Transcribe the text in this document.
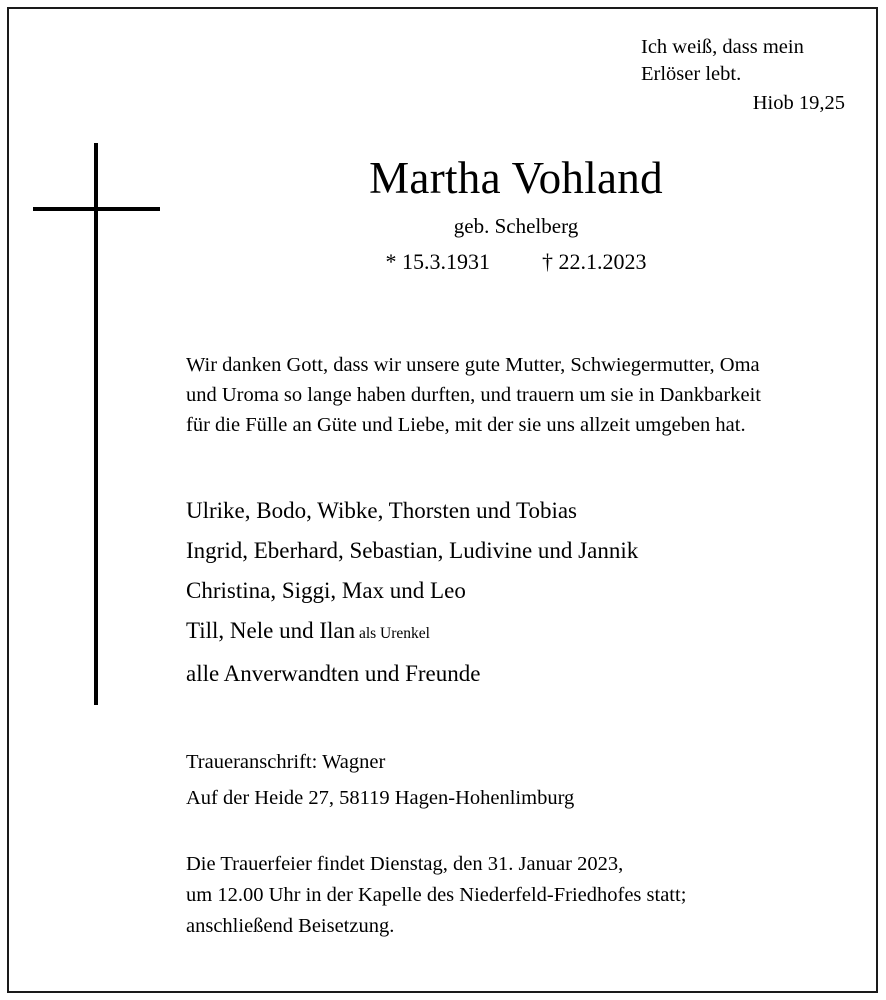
Ich weiß, dass mein
Erlöser lebt.
Hiob 19,25
Martha Vohland
geb. Schelberg
* 15.3.1931 † 22.1.2023
Wir danken Gott, dass wir unsere gute Mutter, Schwiegermutter, Oma
und Uroma so lange haben durften, und trauern um sie in Dankbarkeit
für die Fülle an Güte und Liebe, mit der sie uns allzeit umgeben hat.
Ulrike, Bodo, Wibke, Thorsten und Tobias
Ingrid, Eberhard, Sebastian, Ludivine und Jannik
Christina, Siggi, Max und Leo
Till, Nele und Ilan als Urenkel
alle Anverwandten und Freunde
Traueranschrift: Wagner
Auf der Heide 27, 58119 Hagen-Hohenlimburg
Die Trauerfeier findet Dienstag, den 31. Januar 2023,
um 12.00 Uhr in der Kapelle des Niederfeld-Friedhofes statt;
anschließend Beisetzung.
